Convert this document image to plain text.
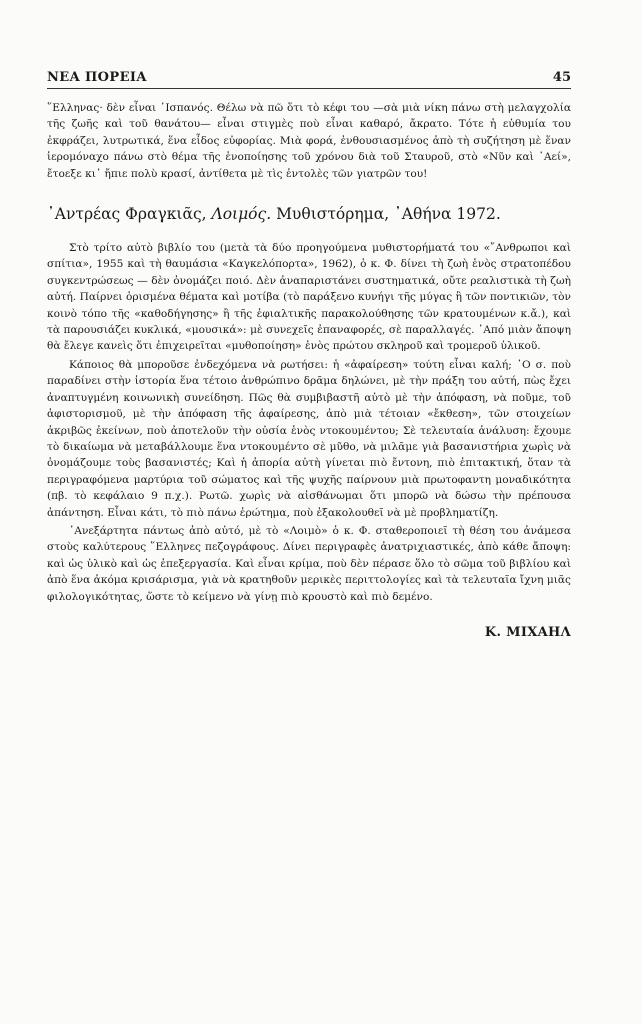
ΝΕΑ ΠΟΡΕΙΑ	45

῞Ελληνας· δὲν εἶναι ᾿Ισπανός. Θέλω νὰ πῶ ὅτι τὸ κέφι του —σὰ μιὰ νίκη πάνω στὴ μελαγχολία τῆς ζωῆς καὶ τοῦ θανάτου— εἶναι στιγμὲς ποὺ εἶναι καθαρό, ἄκρατο. Τότε ἡ εὐθυμία του ἐκφράζει, λυτρωτικά, ἕνα εἶδος εὐφορίας. Μιὰ φορά, ἐνθουσιασμένος ἀπὸ τὴ συζήτηση μὲ ἕναν ἱερομόναχο πάνω στὸ θέμα τῆς ἑνοποίησης τοῦ χρόνου διὰ τοῦ Σταυροῦ, στὸ «Νῦν καὶ ᾿Αεί», ἔτοεξε κι᾿ ἤπιε πολὺ κρασί, ἀντίθετα μὲ τὶς ἐντολὲς τῶν γιατρῶν του!

᾿Αντρέας Φραγκιᾶς, Λοιμός. Μυθιστόρημα, ᾿Αθήνα 1972.

Στὸ τρίτο αὐτὸ βιβλίο του (μετὰ τὰ δύο προηγούμενα μυθιστορήματά του «῎Ανθρωποι καὶ σπίτια», 1955 καὶ τὴ θαυμάσια «Καγκελόπορτα», 1962), ὁ κ. Φ. δίνει τὴ ζωὴ ἑνὸς στρατοπέδου συγκεντρώσεως — δὲν ὀνομάζει ποιό. Δὲν ἀναπαριστάνει συστηματικά, οὔτε ρεαλιστικὰ τὴ ζωὴ αὐτή. Παίρνει ὁρισμένα θέματα καὶ μοτίβα (τὸ παράξενο κυνήγι τῆς μύγας ἢ τῶν ποντικιῶν, τὸν κοινὸ τόπο τῆς «καθοδήγησης» ἢ τῆς ἐφιαλτικῆς παρακολούθησης τῶν κρατουμένων κ.ἄ.), καὶ τὰ παρουσιάζει κυκλικά, «μουσικά»: μὲ συνεχεῖς ἐπαναφορές, σὲ παραλλαγές. ᾿Από μιὰν ἄποψη θὰ ἔλεγε κανεὶς ὅτι ἐπιχειρεῖται «μυθοποίηση» ἑνὸς πρώτου σκληροῦ καὶ τρομεροῦ ὑλικοῦ.

Κάποιος θὰ μποροῦσε ἐνδεχόμενα νὰ ρωτήσει: ἡ «ἀφαίρεση» τούτη εἶναι καλή; ῾Ο σ. ποὺ παραδίνει στὴν ἱστορία ἕνα τέτοιο ἀνθρώπινο δρᾶμα δηλώνει, μὲ τὴν πράξη του αὐτή, πὼς ἔχει ἀναπτυγμένη κοινωνικὴ συνείδηση. Πῶς θὰ συμβιβαστῆ αὐτὸ μὲ τὴν ἀπόφαση, νὰ ποῦμε, τοῦ ἀφιστορισμοῦ, μὲ τὴν ἀπόφαση τῆς ἀφαίρεσης, ἀπὸ μιὰ τέτοιαν «ἔκθεση», τῶν στοιχείων ἀκριβῶς ἐκείνων, ποὺ ἀποτελοῦν τὴν οὐσία ἑνὸς ντοκουμέντου; Σὲ τελευταία ἀνάλυση: ἔχουμε τὸ δικαίωμα νὰ μεταβάλλουμε ἕνα ντοκουμέντο σὲ μῦθο, νὰ μιλᾶμε γιὰ βασανιστήρια χωρὶς νὰ ὀνομάζουμε τοὺς βασανιστές; Καὶ ἡ ἀπορία αὐτὴ γίνεται πιὸ ἔντονη, πιὸ ἐπιτακτική, ὅταν τὰ περιγραφόμενα μαρτύρια τοῦ σώματος καὶ τῆς ψυχῆς παίρνουν μιὰ πρωτοφαντη μοναδικότητα (πβ. τὸ κεφάλαιο 9 π.χ.). Ρωτῶ. χωρὶς νὰ αἰσθάνωμαι ὅτι μπορῶ νὰ δώσω τὴν πρέπουσα ἀπάντηση. Εἶναι κάτι, τὸ πιὸ πάνω ἐρώτημα, ποὺ ἐξακολουθεῖ νὰ μὲ προβληματίζη.

᾿Ανεξάρτητα πάντως ἀπὸ αὐτό, μὲ τὸ «Λοιμὸ» ὁ κ. Φ. σταθεροποιεῖ τὴ θέση του ἀνάμεσα στοὺς καλύτερους ῞Ελληνες πεζογράφους. Δίνει περιγραφὲς ἀνατριχιαστικές, ἀπὸ κάθε ἄποψη: καὶ ὡς ὑλικὸ καὶ ὡς ἐπεξεργασία. Καὶ εἶναι κρίμα, ποὺ δὲν πέρασε ὅλο τὸ σῶμα τοῦ βιβλίου καὶ ἀπὸ ἕνα ἀκόμα κρισάρισμα, γιὰ νὰ κρατηθοῦν μερικὲς περιττολογίες καὶ τὰ τελευταῖα ἴχνη μιᾶς φιλολογικότητας, ὥστε τὸ κείμενο νὰ γίνῃ πιὸ κρουστὸ καὶ πιὸ δεμένο.

Κ. ΜΙΧΑΗΛ
